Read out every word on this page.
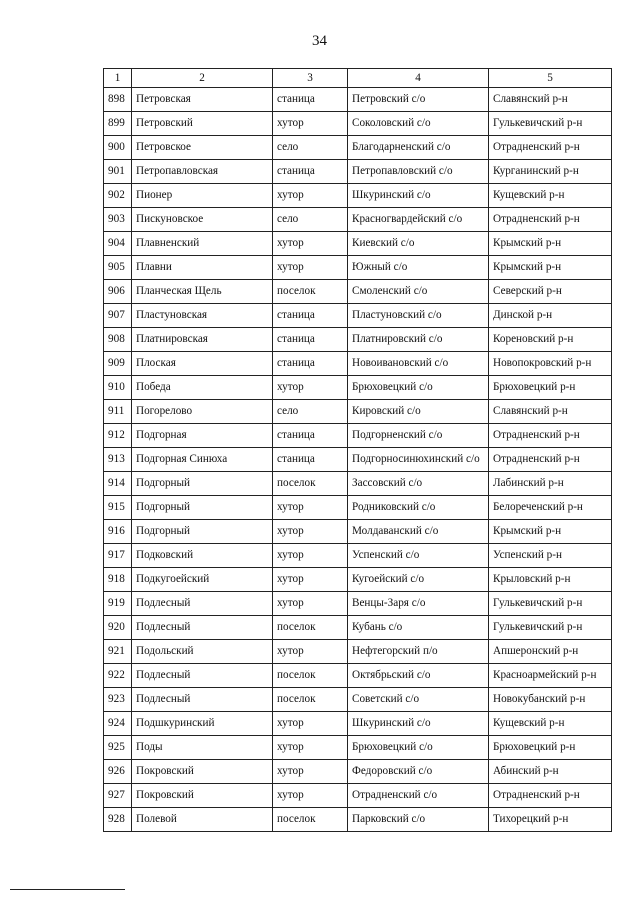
34
1	2	3	4	5
898	Петровская	станица	Петровский с/о	Славянский р-н
899	Петровский	хутор	Соколовский с/о	Гулькевичский р-н
900	Петровское	село	Благодарненский с/о	Отрадненский р-н
901	Петропавловская	станица	Петропавловский с/о	Курганинский р-н
902	Пионер	хутор	Шкуринский с/о	Кущевский р-н
903	Пискуновское	село	Красногвардейский с/о	Отрадненский р-н
904	Плавненский	хутор	Киевский с/о	Крымский р-н
905	Плавни	хутор	Южный с/о	Крымский р-н
906	Планческая Щель	поселок	Смоленский с/о	Северский р-н
907	Пластуновская	станица	Пластуновский с/о	Динской р-н
908	Платнировская	станица	Платнировский с/о	Кореновский р-н
909	Плоская	станица	Новоивановский с/о	Новопокровский р-н
910	Победа	хутор	Брюховецкий с/о	Брюховецкий р-н
911	Погорелово	село	Кировский с/о	Славянский р-н
912	Подгорная	станица	Подгорненский с/о	Отрадненский р-н
913	Подгорная Синюха	станица	Подгорносинюхинский с/о	Отрадненский р-н
914	Подгорный	поселок	Зассовский с/о	Лабинский р-н
915	Подгорный	хутор	Родниковский с/о	Белореченский р-н
916	Подгорный	хутор	Молдаванский с/о	Крымский р-н
917	Подковский	хутор	Успенский с/о	Успенский р-н
918	Подкугоейский	хутор	Кугоейский с/о	Крыловский р-н
919	Подлесный	хутор	Венцы-Заря с/о	Гулькевичский р-н
920	Подлесный	поселок	Кубань с/о	Гулькевичский р-н
921	Подольский	хутор	Нефтегорский п/о	Апшеронский р-н
922	Подлесный	поселок	Октябрьский с/о	Красноармейский р-н
923	Подлесный	поселок	Советский с/о	Новокубанский р-н
924	Подшкуринский	хутор	Шкуринский с/о	Кущевский р-н
925	Поды	хутор	Брюховецкий с/о	Брюховецкий р-н
926	Покровский	хутор	Федоровский с/о	Абинский р-н
927	Покровский	хутор	Отрадненский с/о	Отрадненский р-н
928	Полевой	поселок	Парковский с/о	Тихорецкий р-н
